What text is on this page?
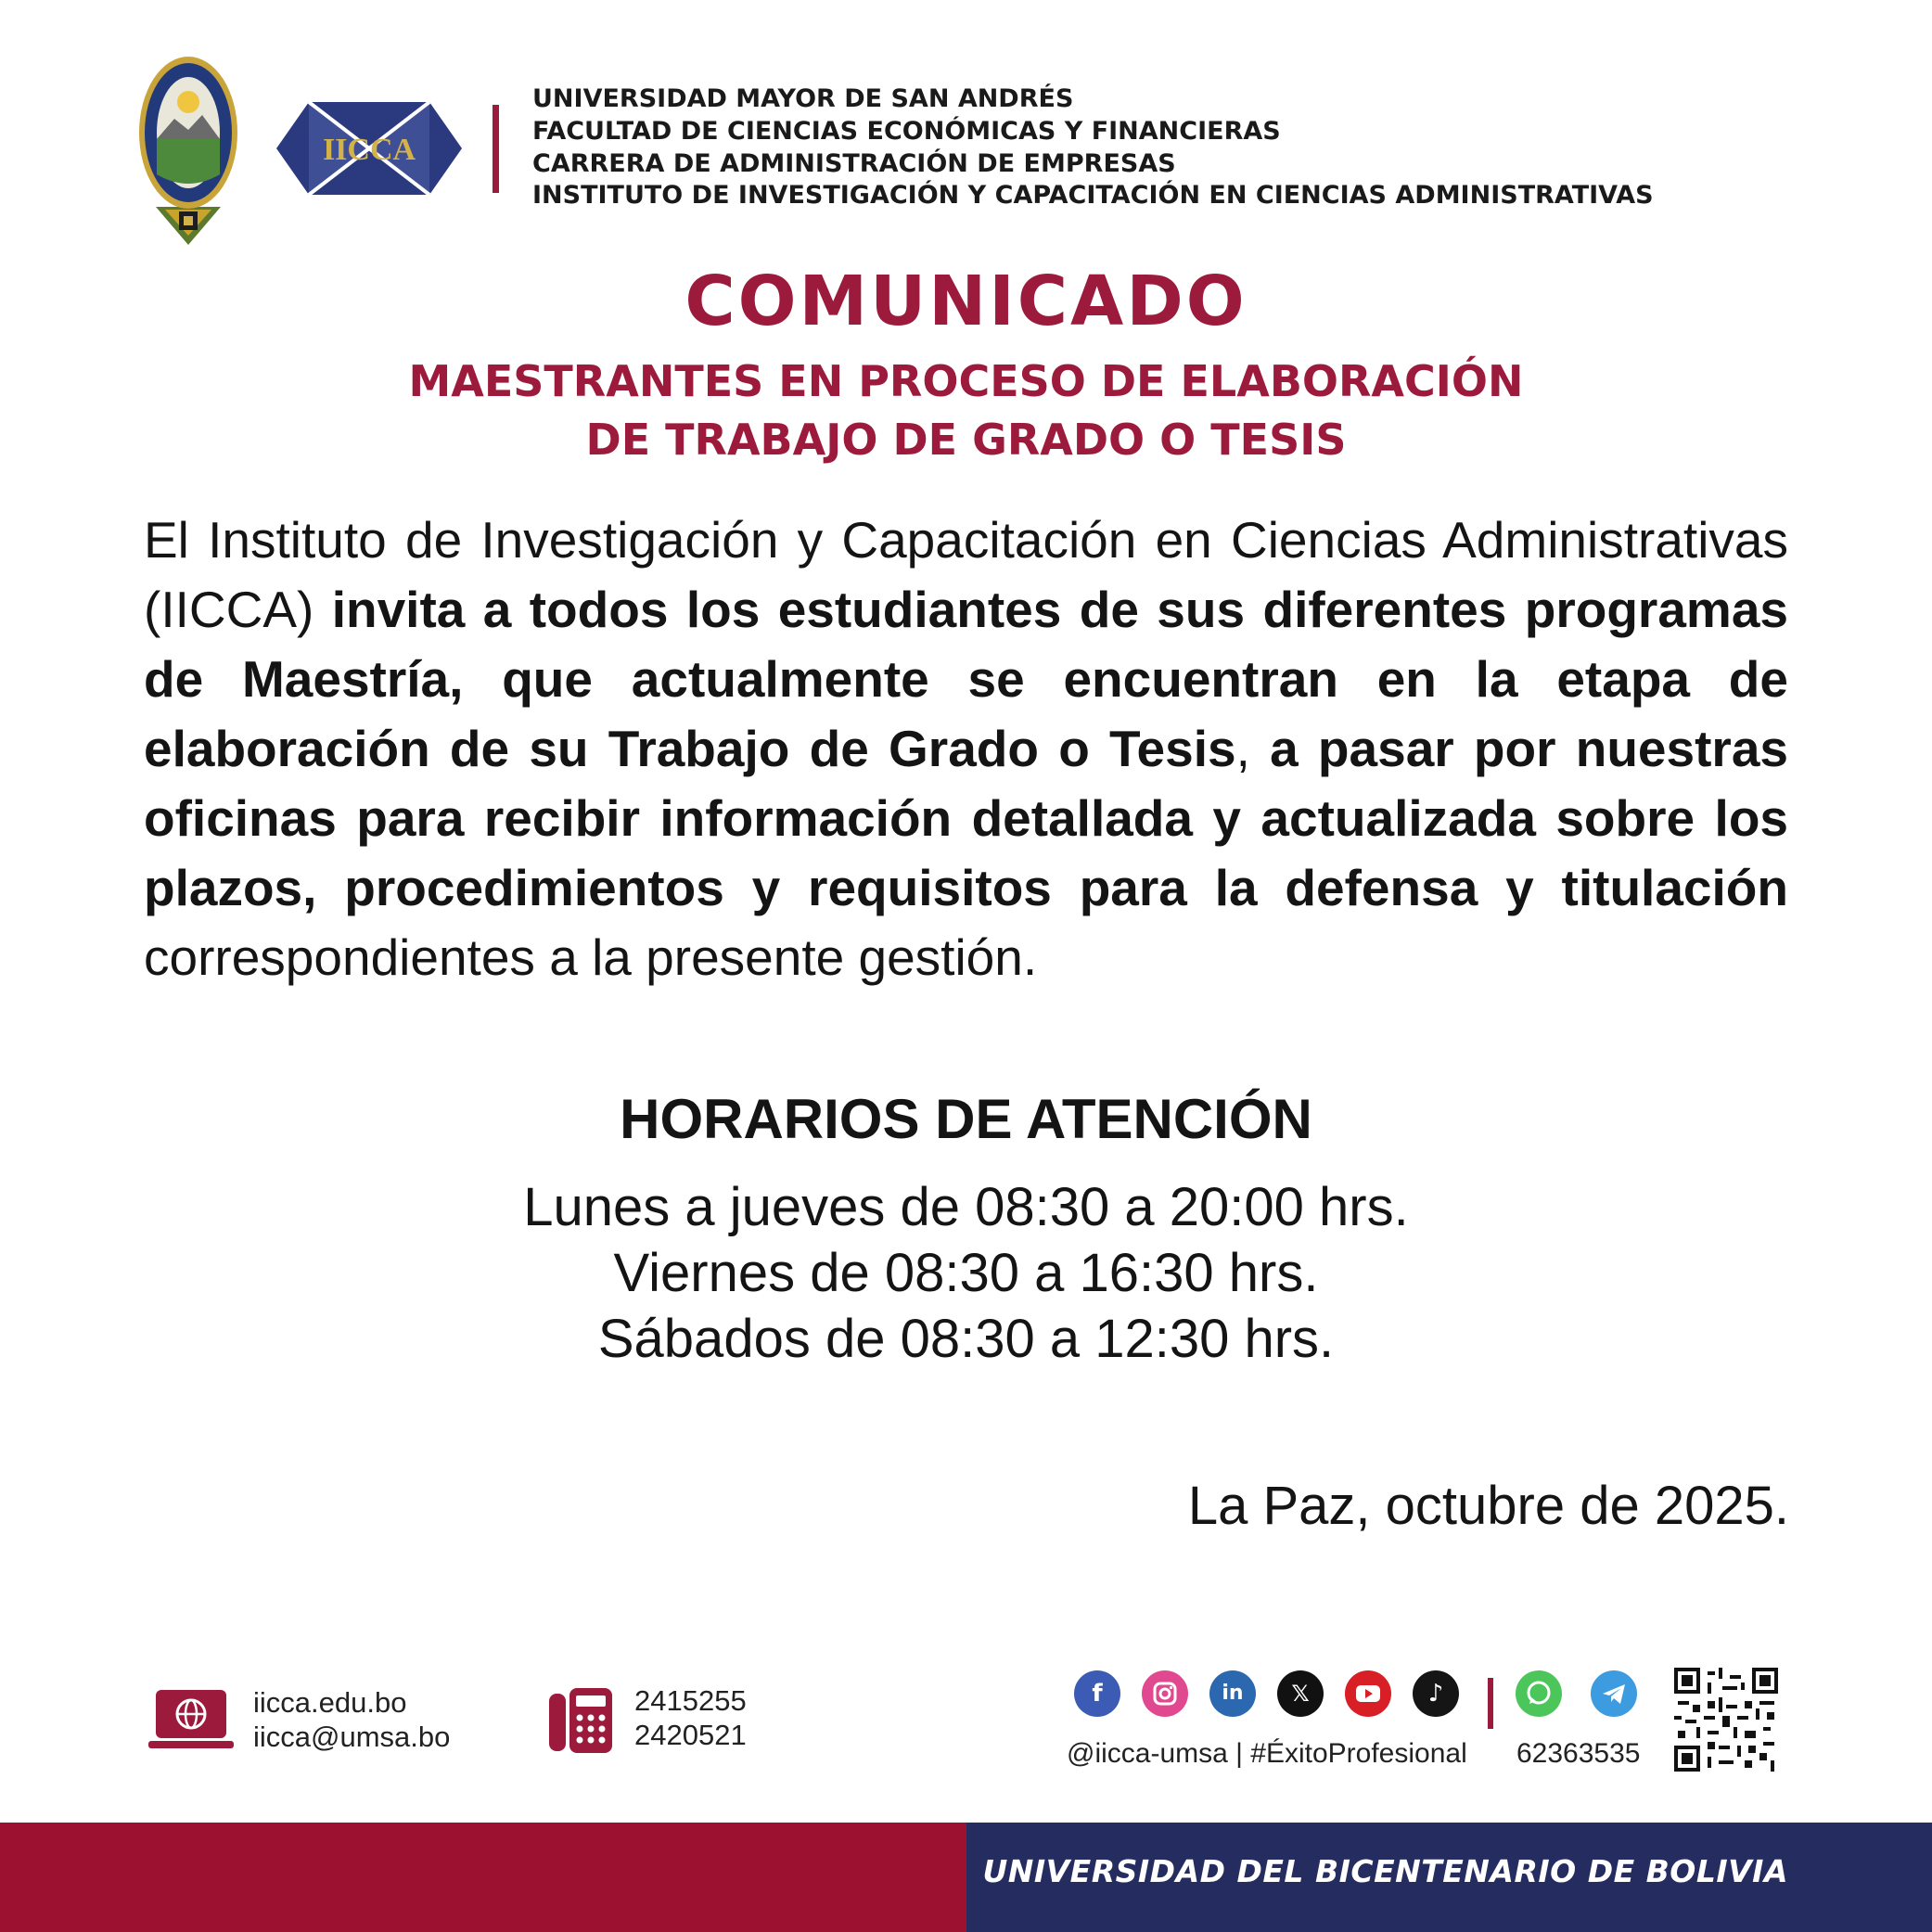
IICCA
UNIVERSIDAD MAYOR DE SAN ANDRÉS
FACULTAD DE CIENCIAS ECONÓMICAS Y FINANCIERAS
CARRERA DE ADMINISTRACIÓN DE EMPRESAS
INSTITUTO DE INVESTIGACIÓN Y CAPACITACIÓN EN CIENCIAS ADMINISTRATIVAS
COMUNICADO
MAESTRANTES EN PROCESO DE ELABORACIÓN
DE TRABAJO DE GRADO O TESIS
El Instituto de Investigación y Capacitación en Ciencias Administrativas (IICCA) invita a todos los estudiantes de sus diferentes programas de Maestría, que actualmente se encuentran en la etapa de elaboración de su Trabajo de Grado o Tesis, a pasar por nuestras oficinas para recibir información detallada y actualizada sobre los plazos, procedimientos y requisitos para la defensa y titulación correspondientes a la presente gestión.
HORARIOS DE ATENCIÓN
Lunes a jueves de 08:30 a 20:00 hrs.
Viernes de 08:30 a 16:30 hrs.
Sábados de 08:30 a 12:30 hrs.
La Paz, octubre de 2025.
iicca.edu.bo
iicca@umsa.bo
2415255
2420521
f	in	𝕏	♪
@iicca-umsa | #ÉxitoProfesional 62363535
UNIVERSIDAD DEL BICENTENARIO DE BOLIVIA
